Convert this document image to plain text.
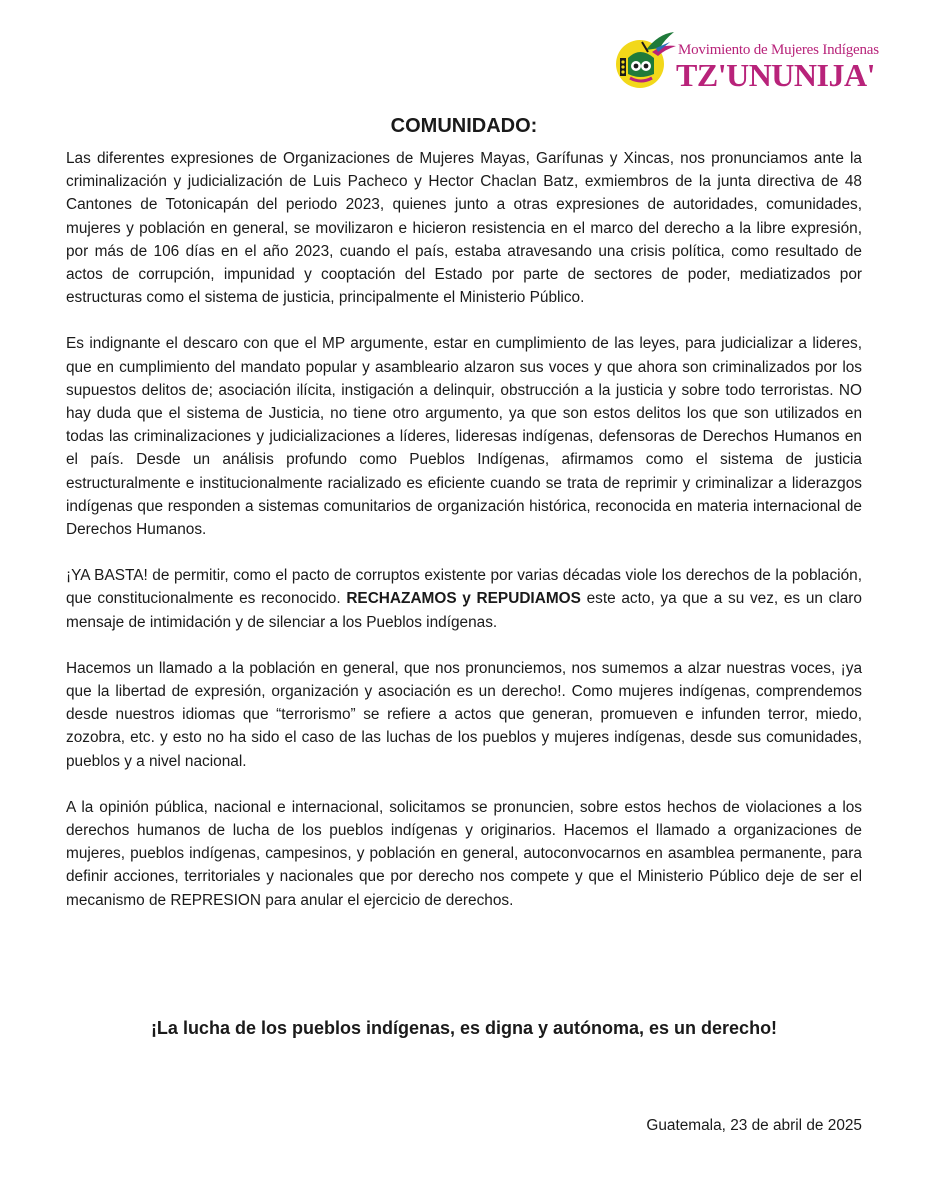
Movimiento de Mujeres Indígenas
TZ'UNUNIJA'
COMUNIDADO:

Las diferentes expresiones de Organizaciones de Mujeres Mayas, Garífunas y Xincas, nos pronunciamos ante la criminalización y judicialización de Luis Pacheco y Hector Chaclan Batz, exmiembros de la junta directiva de 48 Cantones de Totonicapán del periodo 2023, quienes junto a otras expresiones de autoridades, comunidades, mujeres y población en general, se movilizaron e hicieron resistencia en el marco del derecho a la libre expresión, por más de 106 días en el año 2023, cuando el país, estaba atravesando una crisis política, como resultado de actos de corrupción, impunidad y cooptación del Estado por parte de sectores de poder, mediatizados por estructuras como el sistema de justicia, principalmente el Ministerio Público.

Es indignante el descaro con que el MP argumente, estar en cumplimiento de las leyes, para judicializar a lideres, que en cumplimiento del mandato popular y asambleario alzaron sus voces y que ahora son criminalizados por los supuestos delitos de; asociación ilícita, instigación a delinquir, obstrucción a la justicia y sobre todo terroristas. NO hay duda que el sistema de Justicia, no tiene otro argumento, ya que son estos delitos los que son utilizados en todas las criminalizaciones y judicializaciones a líderes, lideresas indígenas, defensoras de Derechos Humanos en el país. Desde un análisis profundo como Pueblos Indígenas, afirmamos como el sistema de justicia estructuralmente e institucionalmente racializado es eficiente cuando se trata de reprimir y criminalizar a liderazgos indígenas que responden a sistemas comunitarios de organización histórica, reconocida en materia internacional de Derechos Humanos.

¡YA BASTA! de permitir, como el pacto de corruptos existente por varias décadas viole los derechos de la población, que constitucionalmente es reconocido. RECHAZAMOS y REPUDIAMOS este acto, ya que a su vez, es un claro mensaje de intimidación y de silenciar a los Pueblos indígenas.

Hacemos un llamado a la población en general, que nos pronunciemos, nos sumemos a alzar nuestras voces, ¡ya que la libertad de expresión, organización y asociación es un derecho!. Como mujeres indígenas, comprendemos desde nuestros idiomas que “terrorismo” se refiere a actos que generan, promueven e infunden terror, miedo, zozobra, etc. y esto no ha sido el caso de las luchas de los pueblos y mujeres indígenas, desde sus comunidades, pueblos y a nivel nacional.

A la opinión pública, nacional e internacional, solicitamos se pronuncien, sobre estos hechos de violaciones a los derechos humanos de lucha de los pueblos indígenas y originarios. Hacemos el llamado a organizaciones de mujeres, pueblos indígenas, campesinos, y población en general, autoconvocarnos en asamblea permanente, para definir acciones, territoriales y nacionales que por derecho nos compete y que el Ministerio Público deje de ser el mecanismo de REPRESION para anular el ejercicio de derechos.

¡La lucha de los pueblos indígenas, es digna y autónoma, es un derecho!
Guatemala, 23 de abril de 2025
